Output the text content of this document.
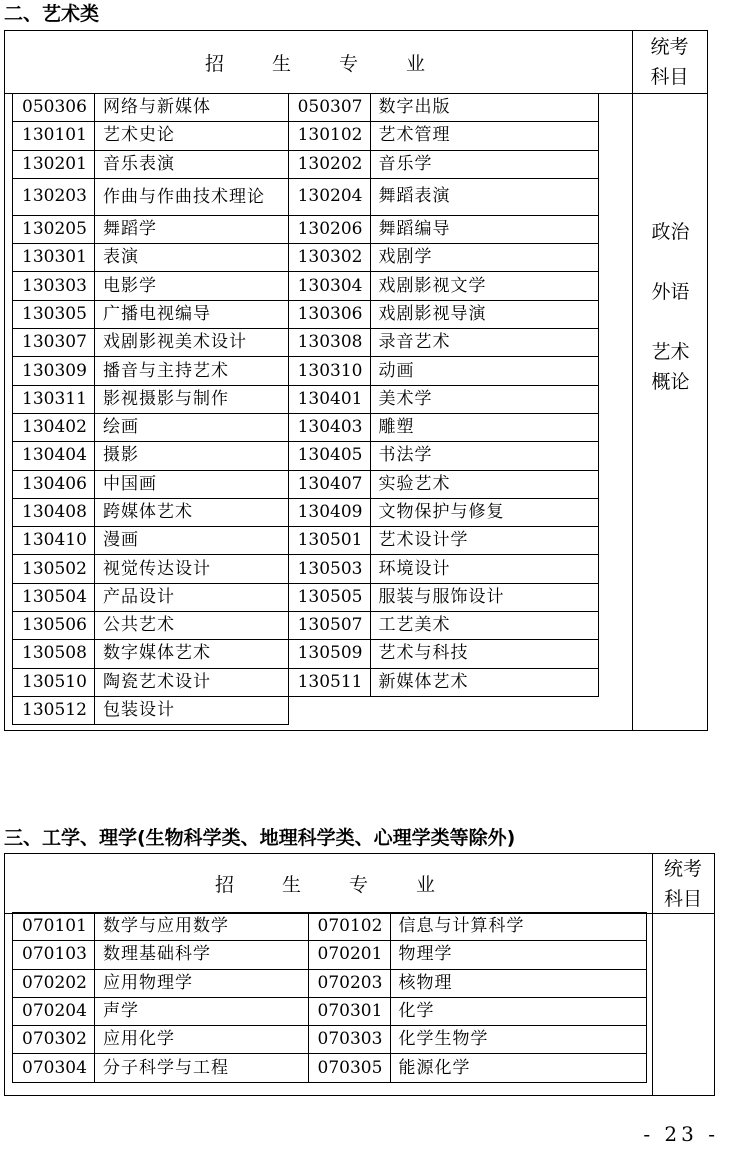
二、艺术类
招 生 专 业
统考
科目
政治
外语
艺术
概论
050306	网络与新媒体	050307	数字出版
130101	艺术史论	130102	艺术管理
130201	音乐表演	130202	音乐学
130203	作曲与作曲技术理论	130204	舞蹈表演
130205	舞蹈学	130206	舞蹈编导
130301	表演	130302	戏剧学
130303	电影学	130304	戏剧影视文学
130305	广播电视编导	130306	戏剧影视导演
130307	戏剧影视美术设计	130308	录音艺术
130309	播音与主持艺术	130310	动画
130311	影视摄影与制作	130401	美术学
130402	绘画	130403	雕塑
130404	摄影	130405	书法学
130406	中国画	130407	实验艺术
130408	跨媒体艺术	130409	文物保护与修复
130410	漫画	130501	艺术设计学
130502	视觉传达设计	130503	环境设计
130504	产品设计	130505	服装与服饰设计
130506	公共艺术	130507	工艺美术
130508	数字媒体艺术	130509	艺术与科技
130510	陶瓷艺术设计	130511	新媒体艺术
130512	包装设计		
三、工学、理学(生物科学类、地理科学类、心理学类等除外)
招 生 专 业
统考
科目
070101	数学与应用数学	070102	信息与计算科学
070103	数理基础科学	070201	物理学
070202	应用物理学	070203	核物理
070204	声学	070301	化学
070302	应用化学	070303	化学生物学
070304	分子科学与工程	070305	能源化学
- 23 -
